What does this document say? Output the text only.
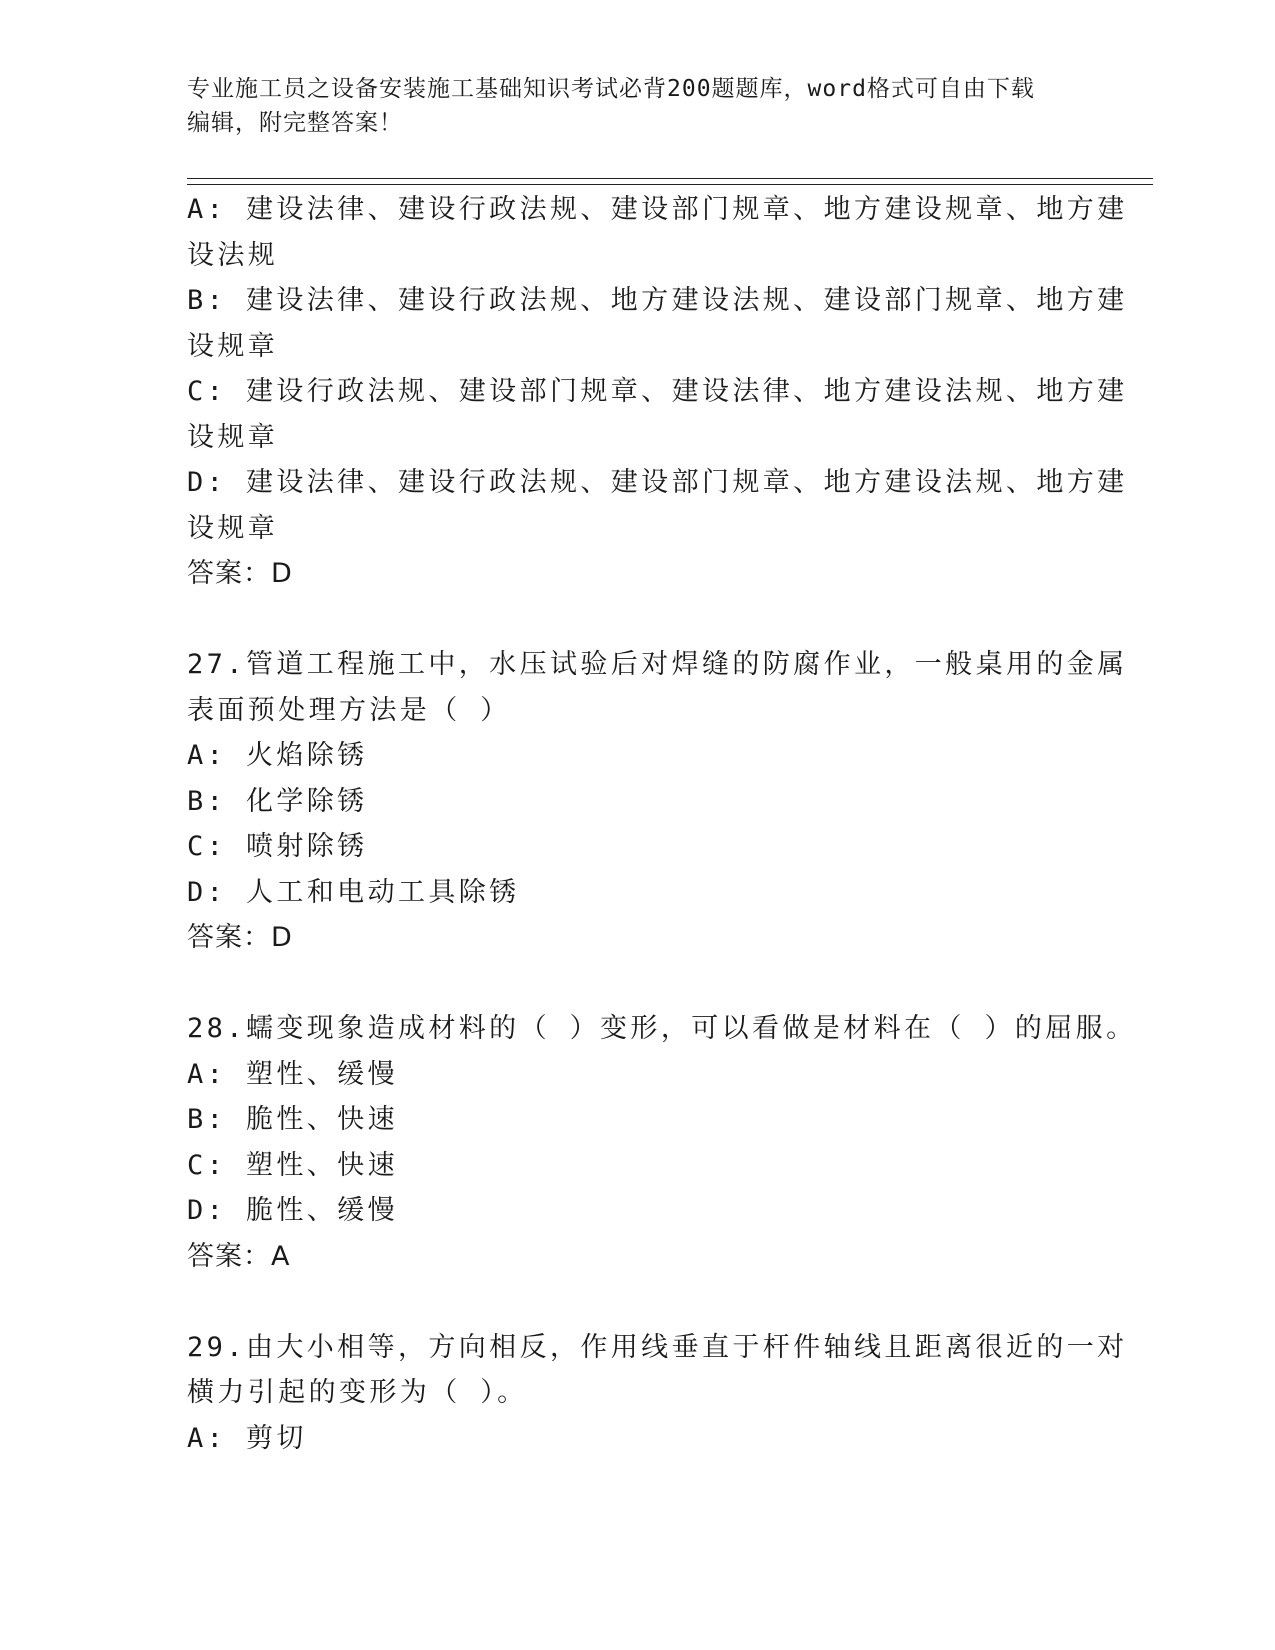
专业施工员之设备安装施工基础知识考试必背200题题库，word格式可自由下载
编辑，附完整答案！
A: 建设法律、建设行政法规、建设部门规章、地方建设规章、地方建
设法规
B: 建设法律、建设行政法规、地方建设法规、建设部门规章、地方建
设规章
C: 建设行政法规、建设部门规章、建设法律、地方建设法规、地方建
设规章
D: 建设法律、建设行政法规、建设部门规章、地方建设法规、地方建
设规章
答案：D
27.管道工程施工中，水压试验后对焊缝的防腐作业，一般桌用的金属
表面预处理方法是（ ）
A: 火焰除锈
B: 化学除锈
C: 喷射除锈
D: 人工和电动工具除锈
答案：D
28.蠕变现象造成材料的（ ）变形，可以看做是材料在（ ）的屈服。
A: 塑性、缓慢
B: 脆性、快速
C: 塑性、快速
D: 脆性、缓慢
答案：A
29.由大小相等，方向相反，作用线垂直于杆件轴线且距离很近的一对
横力引起的变形为（ ）。
A: 剪切
